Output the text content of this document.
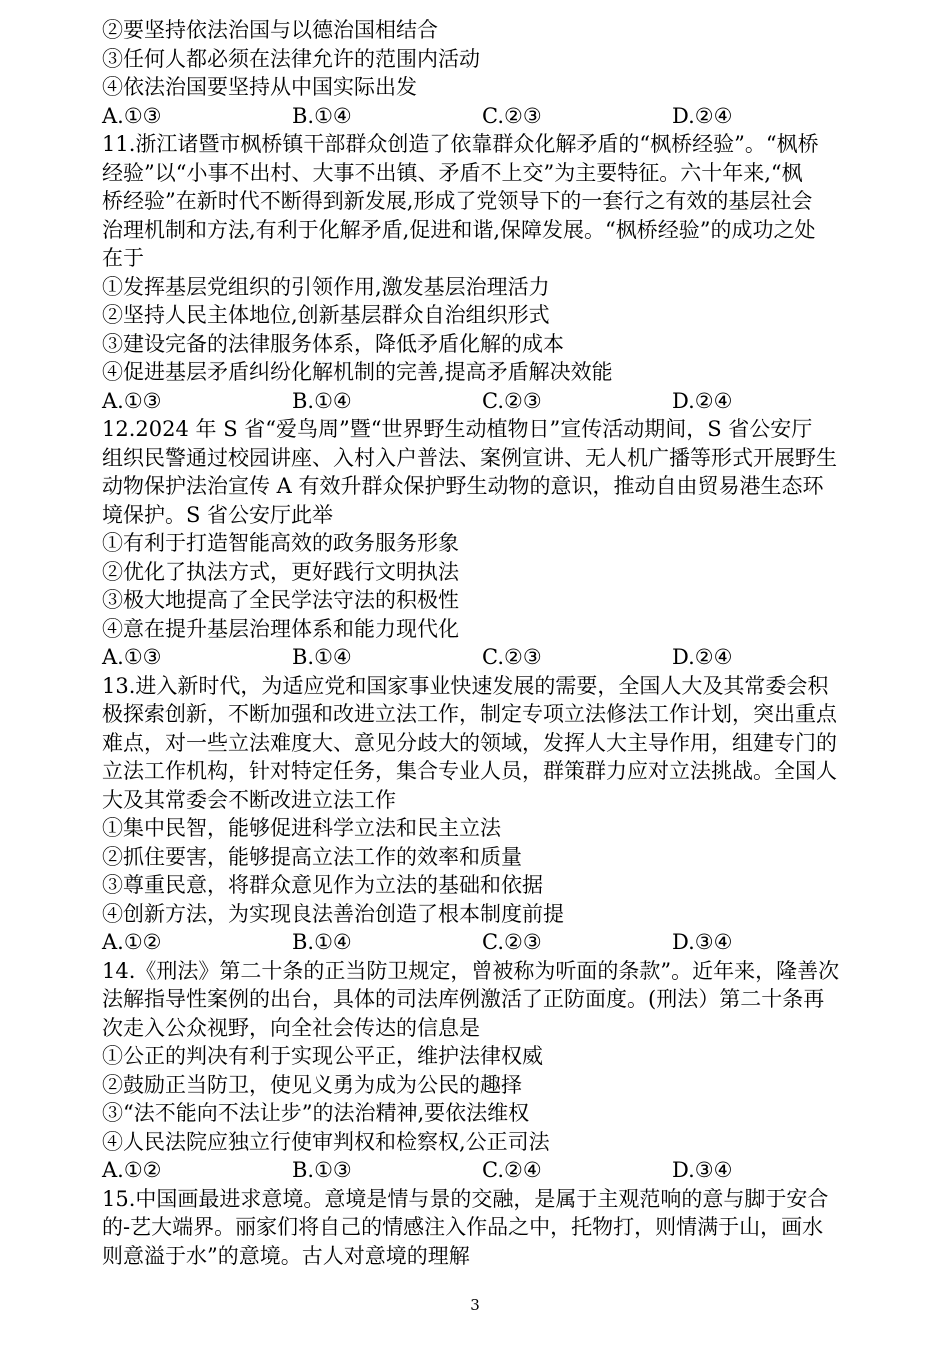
②要坚持依法治国与以德治国相结合
③任何人都必须在法律允许的范围内活动
④依法治国要坚持从中国实际出发
A.①③	B.①④	C.②③	D.②④
11.浙江诸暨市枫桥镇干部群众创造了依靠群众化解矛盾的“枫桥经验”。“枫桥
经验”以“小事不出村、大事不出镇、矛盾不上交”为主要特征。六十年来,“枫
桥经验”在新时代不断得到新发展,形成了党领导下的一套行之有效的基层社会
治理机制和方法,有利于化解矛盾,促进和谐,保障发展。“枫桥经验”的成功之处
在于
①发挥基层党组织的引领作用,激发基层治理活力
②坚持人民主体地位,创新基层群众自治组织形式
③建设完备的法律服务体系，降低矛盾化解的成本
④促进基层矛盾纠纷化解机制的完善,提高矛盾解决效能
A.①③	B.①④	C.②③	D.②④
12.2024 年 S 省“爱鸟周”暨“世界野生动植物日”宣传活动期间，S 省公安厅
组织民警通过校园讲座、入村入户普法、案例宣讲、无人机广播等形式开展野生
动物保护法治宣传 A 有效升群众保护野生动物的意识，推动自由贸易港生态环
境保护。S 省公安厅此举
①有利于打造智能高效的政务服务形象
②优化了执法方式，更好践行文明执法
③极大地提高了全民学法守法的积极性
④意在提升基层治理体系和能力现代化
A.①③	B.①④	C.②③	D.②④
13.进入新时代，为适应党和国家事业快速发展的需要，全国人大及其常委会积
极探索创新，不断加强和改进立法工作，制定专项立法修法工作计划，突出重点
难点，对一些立法难度大、意见分歧大的领域，发挥人大主导作用，组建专门的
立法工作机构，针对特定任务，集合专业人员，群策群力应对立法挑战。全国人
大及其常委会不断改进立法工作
①集中民智，能够促进科学立法和民主立法
②抓住要害，能够提高立法工作的效率和质量
③尊重民意，将群众意见作为立法的基础和依据
④创新方法，为实现良法善治创造了根本制度前提
A.①②	B.①④	C.②③	D.③④
14.《刑法》第二十条的正当防卫规定，曾被称为听面的条款”。近年来，隆善次
法解指导性案例的出台，具体的司法库例激活了正防面度。(刑法）第二十条再
次走入公众视野，向全社会传达的信息是
①公正的判决有利于实现公平正，维护法律权威
②鼓励正当防卫，使见义勇为成为公民的趣择
③“法不能向不法让步”的法治精神,要依法维权
④人民法院应独立行使审判权和检察权,公正司法
A.①②	B.①③	C.②④	D.③④
15.中国画最进求意境。意境是情与景的交融，是属于主观范响的意与脚于安合
的-艺大端界。丽家们将自己的情感注入作品之中，托物打，则情满于山，画水
则意溢于水”的意境。古人对意境的理解
3
